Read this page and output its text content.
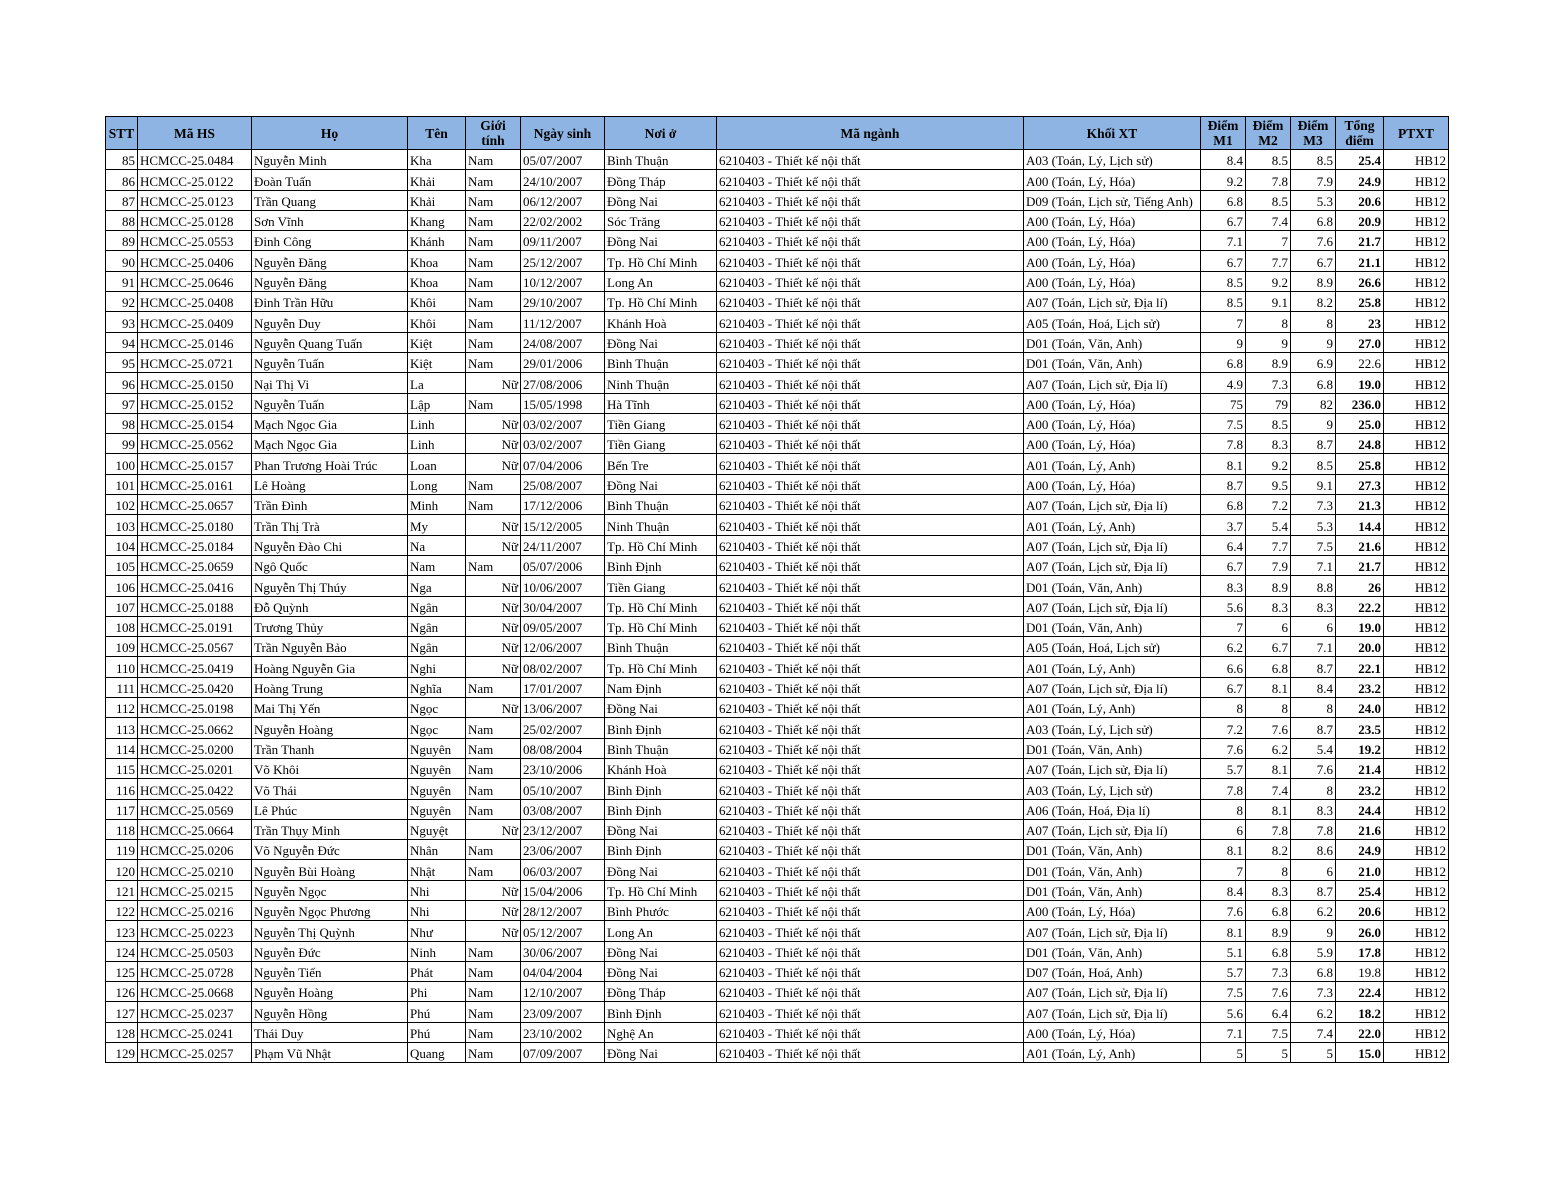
STT	Mã HS	Họ	Tên	Giới tính	Ngày sinh	Nơi ở	Mã ngành	Khối XT	Điểm M1	Điểm M2	Điểm M3	Tổng điểm	PTXT
85	HCMCC-25.0484	Nguyễn Minh	Kha	Nam	05/07/2007	Bình Thuận	6210403 - Thiết kế nội thất	A03 (Toán, Lý, Lịch sử)	8.4	8.5	8.5	25.4	HB12
86	HCMCC-25.0122	Đoàn Tuấn	Khải	Nam	24/10/2007	Đồng Tháp	6210403 - Thiết kế nội thất	A00 (Toán, Lý, Hóa)	9.2	7.8	7.9	24.9	HB12
87	HCMCC-25.0123	Trần Quang	Khải	Nam	06/12/2007	Đồng Nai	6210403 - Thiết kế nội thất	D09 (Toán, Lịch sử, Tiếng Anh)	6.8	8.5	5.3	20.6	HB12
88	HCMCC-25.0128	Sơn Vĩnh	Khang	Nam	22/02/2002	Sóc Trăng	6210403 - Thiết kế nội thất	A00 (Toán, Lý, Hóa)	6.7	7.4	6.8	20.9	HB12
89	HCMCC-25.0553	Đinh Công	Khánh	Nam	09/11/2007	Đồng Nai	6210403 - Thiết kế nội thất	A00 (Toán, Lý, Hóa)	7.1	7	7.6	21.7	HB12
90	HCMCC-25.0406	Nguyễn Đăng	Khoa	Nam	25/12/2007	Tp. Hồ Chí Minh	6210403 - Thiết kế nội thất	A00 (Toán, Lý, Hóa)	6.7	7.7	6.7	21.1	HB12
91	HCMCC-25.0646	Nguyễn Đăng	Khoa	Nam	10/12/2007	Long An	6210403 - Thiết kế nội thất	A00 (Toán, Lý, Hóa)	8.5	9.2	8.9	26.6	HB12
92	HCMCC-25.0408	Đinh Trần Hữu	Khôi	Nam	29/10/2007	Tp. Hồ Chí Minh	6210403 - Thiết kế nội thất	A07 (Toán, Lịch sử, Địa lí)	8.5	9.1	8.2	25.8	HB12
93	HCMCC-25.0409	Nguyễn Duy	Khôi	Nam	11/12/2007	Khánh Hoà	6210403 - Thiết kế nội thất	A05 (Toán, Hoá, Lịch sử)	7	8	8	23	HB12
94	HCMCC-25.0146	Nguyễn Quang Tuấn	Kiệt	Nam	24/08/2007	Đồng Nai	6210403 - Thiết kế nội thất	D01 (Toán, Văn, Anh)	9	9	9	27.0	HB12
95	HCMCC-25.0721	Nguyễn Tuấn	Kiệt	Nam	29/01/2006	Bình Thuận	6210403 - Thiết kế nội thất	D01 (Toán, Văn, Anh)	6.8	8.9	6.9	22.6	HB12
96	HCMCC-25.0150	Nại Thị Vi	La	Nữ	27/08/2006	Ninh Thuận	6210403 - Thiết kế nội thất	A07 (Toán, Lịch sử, Địa lí)	4.9	7.3	6.8	19.0	HB12
97	HCMCC-25.0152	Nguyễn Tuấn	Lập	Nam	15/05/1998	Hà Tĩnh	6210403 - Thiết kế nội thất	A00 (Toán, Lý, Hóa)	75	79	82	236.0	HB12
98	HCMCC-25.0154	Mạch Ngọc Gia	Linh	Nữ	03/02/2007	Tiền Giang	6210403 - Thiết kế nội thất	A00 (Toán, Lý, Hóa)	7.5	8.5	9	25.0	HB12
99	HCMCC-25.0562	Mạch Ngọc Gia	Linh	Nữ	03/02/2007	Tiền Giang	6210403 - Thiết kế nội thất	A00 (Toán, Lý, Hóa)	7.8	8.3	8.7	24.8	HB12
100	HCMCC-25.0157	Phan Trương Hoài Trúc	Loan	Nữ	07/04/2006	Bến Tre	6210403 - Thiết kế nội thất	A01 (Toán, Lý, Anh)	8.1	9.2	8.5	25.8	HB12
101	HCMCC-25.0161	Lê Hoàng	Long	Nam	25/08/2007	Đồng Nai	6210403 - Thiết kế nội thất	A00 (Toán, Lý, Hóa)	8.7	9.5	9.1	27.3	HB12
102	HCMCC-25.0657	Trần Đình	Minh	Nam	17/12/2006	Bình Thuận	6210403 - Thiết kế nội thất	A07 (Toán, Lịch sử, Địa lí)	6.8	7.2	7.3	21.3	HB12
103	HCMCC-25.0180	Trần Thị Trà	My	Nữ	15/12/2005	Ninh Thuận	6210403 - Thiết kế nội thất	A01 (Toán, Lý, Anh)	3.7	5.4	5.3	14.4	HB12
104	HCMCC-25.0184	Nguyễn Đào Chi	Na	Nữ	24/11/2007	Tp. Hồ Chí Minh	6210403 - Thiết kế nội thất	A07 (Toán, Lịch sử, Địa lí)	6.4	7.7	7.5	21.6	HB12
105	HCMCC-25.0659	Ngô Quốc	Nam	Nam	05/07/2006	Bình Định	6210403 - Thiết kế nội thất	A07 (Toán, Lịch sử, Địa lí)	6.7	7.9	7.1	21.7	HB12
106	HCMCC-25.0416	Nguyễn Thị Thúy	Nga	Nữ	10/06/2007	Tiền Giang	6210403 - Thiết kế nội thất	D01 (Toán, Văn, Anh)	8.3	8.9	8.8	26	HB12
107	HCMCC-25.0188	Đỗ Quỳnh	Ngân	Nữ	30/04/2007	Tp. Hồ Chí Minh	6210403 - Thiết kế nội thất	A07 (Toán, Lịch sử, Địa lí)	5.6	8.3	8.3	22.2	HB12
108	HCMCC-25.0191	Trương Thủy	Ngân	Nữ	09/05/2007	Tp. Hồ Chí Minh	6210403 - Thiết kế nội thất	D01 (Toán, Văn, Anh)	7	6	6	19.0	HB12
109	HCMCC-25.0567	Trần Nguyễn Bảo	Ngân	Nữ	12/06/2007	Bình Thuận	6210403 - Thiết kế nội thất	A05 (Toán, Hoá, Lịch sử)	6.2	6.7	7.1	20.0	HB12
110	HCMCC-25.0419	Hoàng Nguyễn Gia	Nghi	Nữ	08/02/2007	Tp. Hồ Chí Minh	6210403 - Thiết kế nội thất	A01 (Toán, Lý, Anh)	6.6	6.8	8.7	22.1	HB12
111	HCMCC-25.0420	Hoàng Trung	Nghĩa	Nam	17/01/2007	Nam Định	6210403 - Thiết kế nội thất	A07 (Toán, Lịch sử, Địa lí)	6.7	8.1	8.4	23.2	HB12
112	HCMCC-25.0198	Mai Thị Yến	Ngọc	Nữ	13/06/2007	Đồng Nai	6210403 - Thiết kế nội thất	A01 (Toán, Lý, Anh)	8	8	8	24.0	HB12
113	HCMCC-25.0662	Nguyễn Hoàng	Ngọc	Nam	25/02/2007	Bình Định	6210403 - Thiết kế nội thất	A03 (Toán, Lý, Lịch sử)	7.2	7.6	8.7	23.5	HB12
114	HCMCC-25.0200	Trần Thanh	Nguyên	Nam	08/08/2004	Bình Thuận	6210403 - Thiết kế nội thất	D01 (Toán, Văn, Anh)	7.6	6.2	5.4	19.2	HB12
115	HCMCC-25.0201	Võ Khôi	Nguyên	Nam	23/10/2006	Khánh Hoà	6210403 - Thiết kế nội thất	A07 (Toán, Lịch sử, Địa lí)	5.7	8.1	7.6	21.4	HB12
116	HCMCC-25.0422	Võ Thái	Nguyên	Nam	05/10/2007	Bình Định	6210403 - Thiết kế nội thất	A03 (Toán, Lý, Lịch sử)	7.8	7.4	8	23.2	HB12
117	HCMCC-25.0569	Lê Phúc	Nguyên	Nam	03/08/2007	Bình Định	6210403 - Thiết kế nội thất	A06 (Toán, Hoá, Địa lí)	8	8.1	8.3	24.4	HB12
118	HCMCC-25.0664	Trần Thụy Minh	Nguyệt	Nữ	23/12/2007	Đồng Nai	6210403 - Thiết kế nội thất	A07 (Toán, Lịch sử, Địa lí)	6	7.8	7.8	21.6	HB12
119	HCMCC-25.0206	Võ Nguyễn Đức	Nhân	Nam	23/06/2007	Bình Định	6210403 - Thiết kế nội thất	D01 (Toán, Văn, Anh)	8.1	8.2	8.6	24.9	HB12
120	HCMCC-25.0210	Nguyễn Bùi Hoàng	Nhật	Nam	06/03/2007	Đồng Nai	6210403 - Thiết kế nội thất	D01 (Toán, Văn, Anh)	7	8	6	21.0	HB12
121	HCMCC-25.0215	Nguyễn Ngọc	Nhi	Nữ	15/04/2006	Tp. Hồ Chí Minh	6210403 - Thiết kế nội thất	D01 (Toán, Văn, Anh)	8.4	8.3	8.7	25.4	HB12
122	HCMCC-25.0216	Nguyễn Ngọc Phương	Nhi	Nữ	28/12/2007	Bình Phước	6210403 - Thiết kế nội thất	A00 (Toán, Lý, Hóa)	7.6	6.8	6.2	20.6	HB12
123	HCMCC-25.0223	Nguyễn Thị Quỳnh	Như	Nữ	05/12/2007	Long An	6210403 - Thiết kế nội thất	A07 (Toán, Lịch sử, Địa lí)	8.1	8.9	9	26.0	HB12
124	HCMCC-25.0503	Nguyễn Đức	Ninh	Nam	30/06/2007	Đồng Nai	6210403 - Thiết kế nội thất	D01 (Toán, Văn, Anh)	5.1	6.8	5.9	17.8	HB12
125	HCMCC-25.0728	Nguyễn Tiến	Phát	Nam	04/04/2004	Đồng Nai	6210403 - Thiết kế nội thất	D07 (Toán, Hoá, Anh)	5.7	7.3	6.8	19.8	HB12
126	HCMCC-25.0668	Nguyễn Hoàng	Phi	Nam	12/10/2007	Đồng Tháp	6210403 - Thiết kế nội thất	A07 (Toán, Lịch sử, Địa lí)	7.5	7.6	7.3	22.4	HB12
127	HCMCC-25.0237	Nguyễn Hồng	Phú	Nam	23/09/2007	Bình Định	6210403 - Thiết kế nội thất	A07 (Toán, Lịch sử, Địa lí)	5.6	6.4	6.2	18.2	HB12
128	HCMCC-25.0241	Thái Duy	Phú	Nam	23/10/2002	Nghệ An	6210403 - Thiết kế nội thất	A00 (Toán, Lý, Hóa)	7.1	7.5	7.4	22.0	HB12
129	HCMCC-25.0257	Phạm Vũ Nhật	Quang	Nam	07/09/2007	Đồng Nai	6210403 - Thiết kế nội thất	A01 (Toán, Lý, Anh)	5	5	5	15.0	HB12
